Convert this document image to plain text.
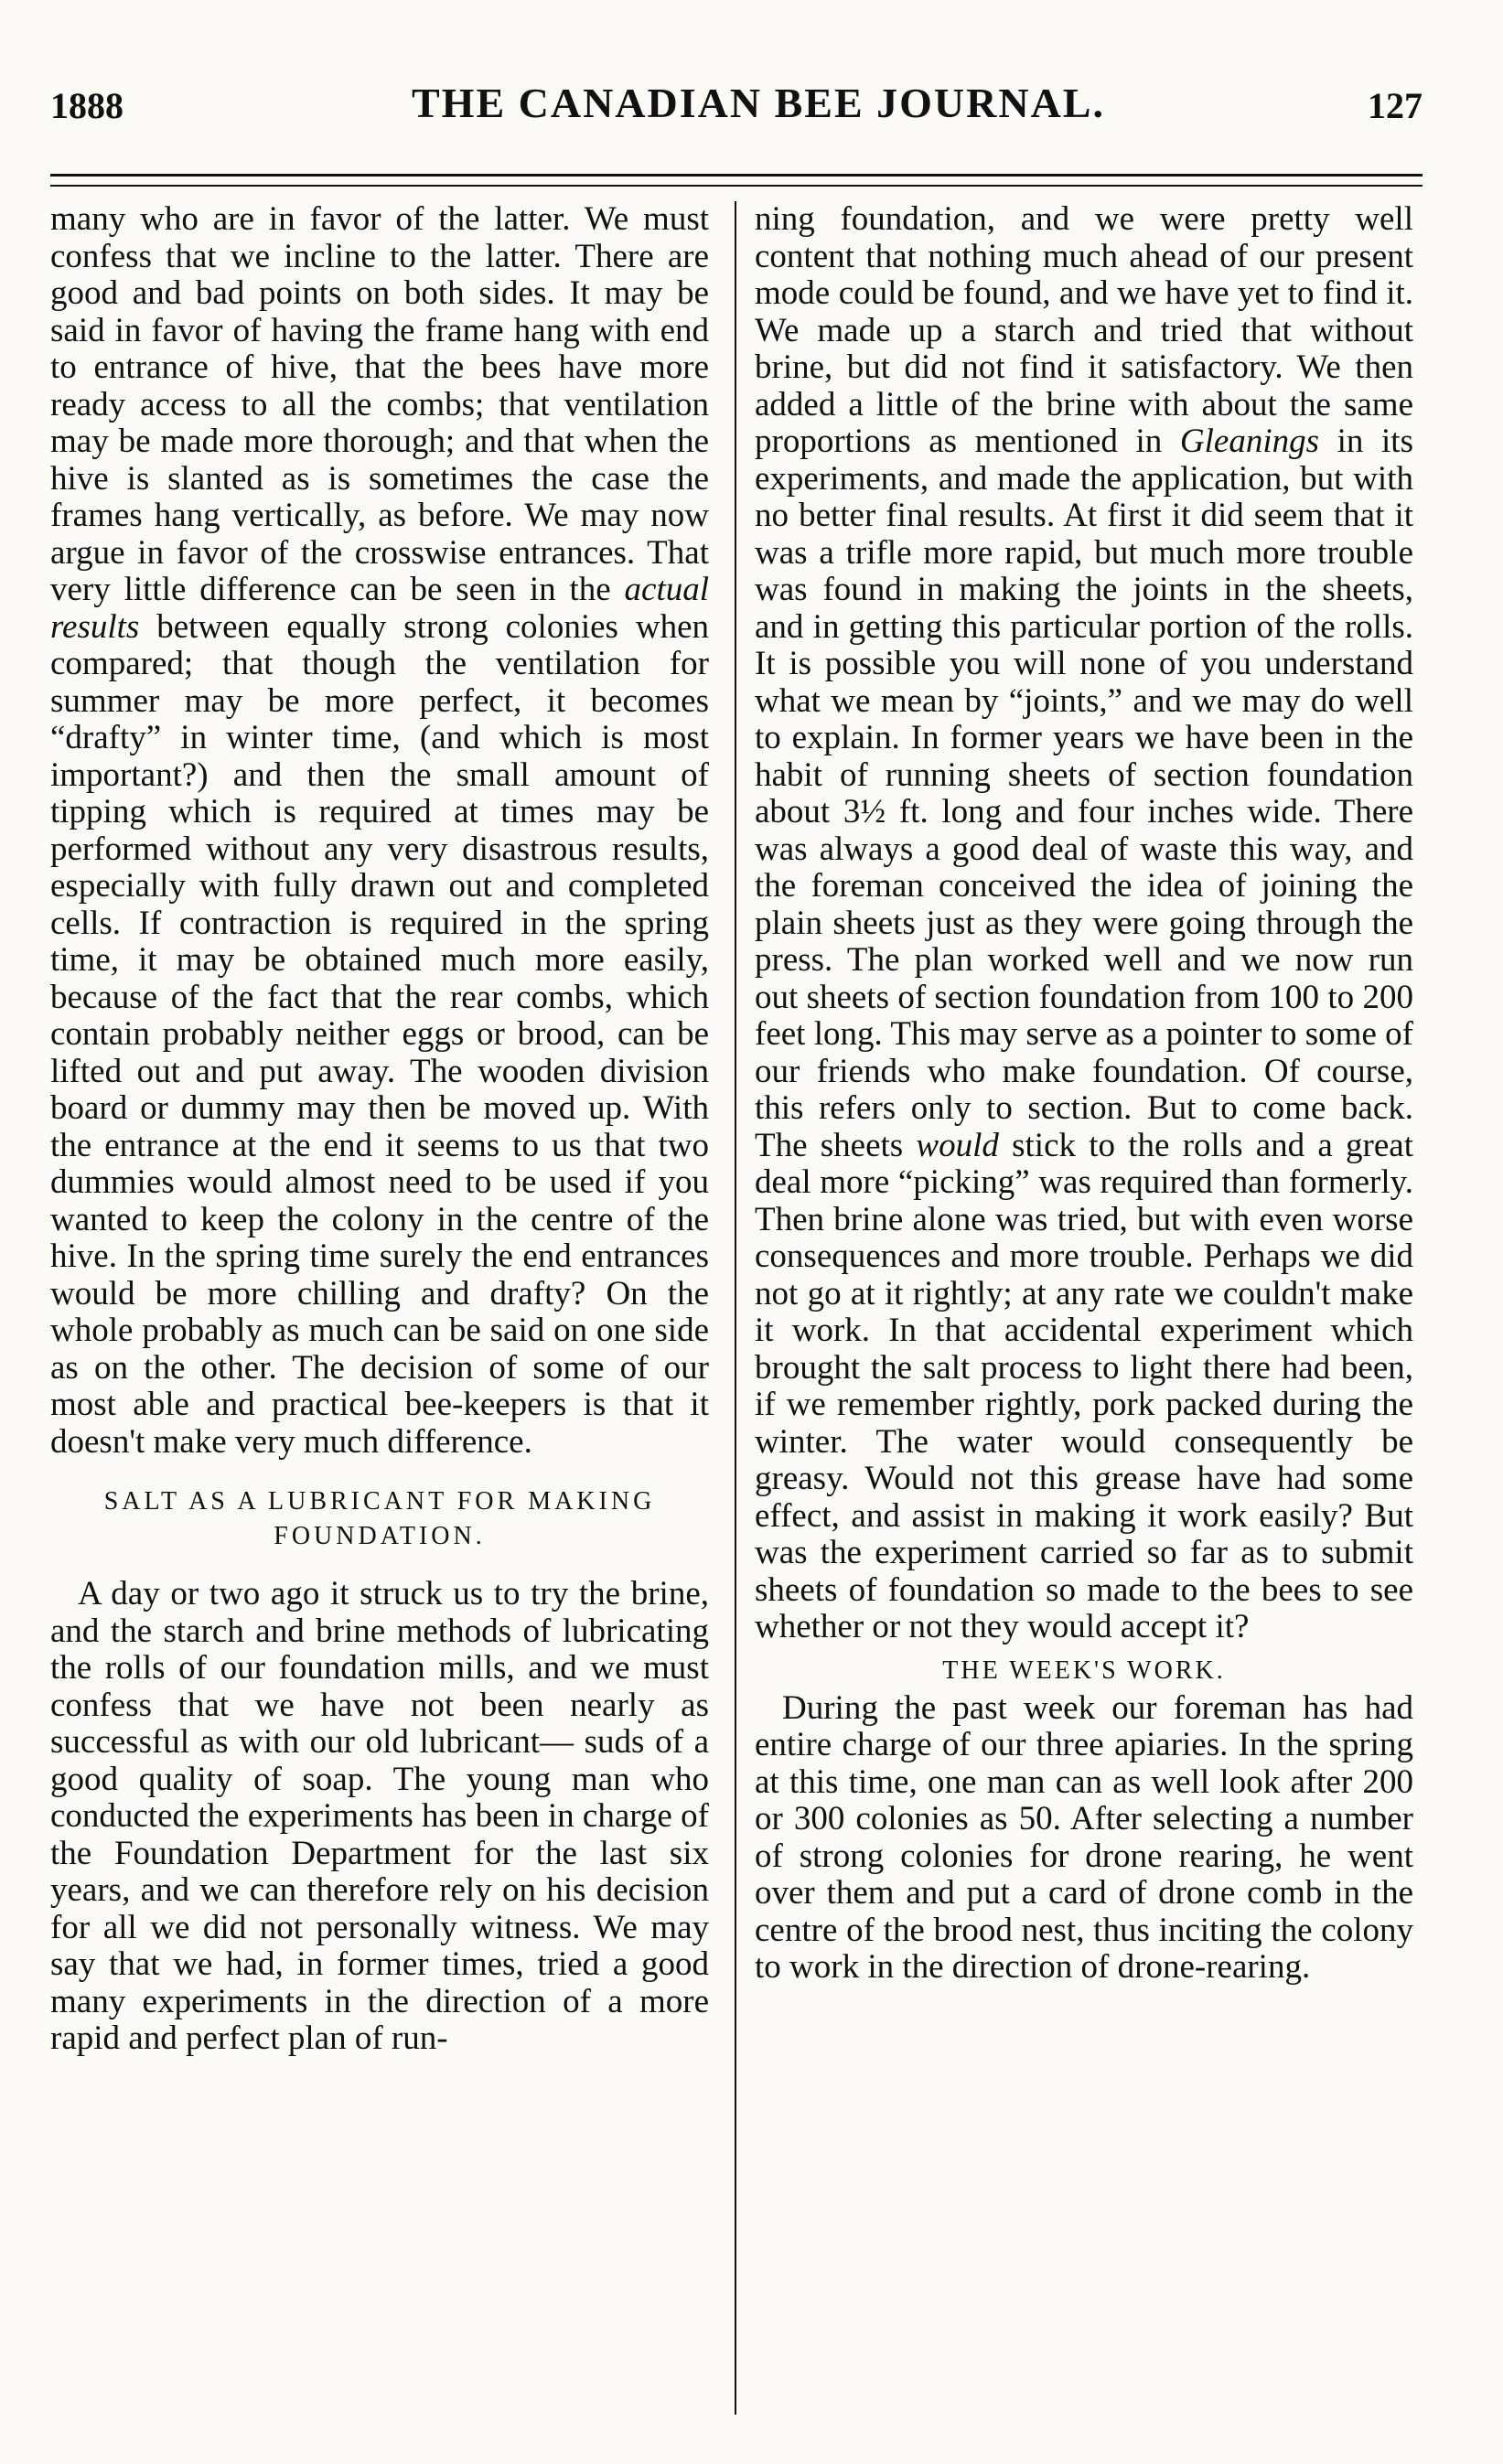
1888	THE CANADIAN BEE JOURNAL.	127

many who are in favor of the latter. We must confess that we incline to the latter. There are good and bad points on both sides. It may be said in favor of having the frame hang with end to entrance of hive, that the bees have more ready access to all the combs; that ventilation may be made more thorough; and that when the hive is slanted as is sometimes the case the frames hang vertically, as before. We may now argue in favor of the crosswise entrances. That very little difference can be seen in the actual results between equally strong colonies when compared; that though the ventilation for summer may be more perfect, it becomes “drafty” in winter time, (and which is most important?) and then the small amount of tipping which is required at times may be performed without any very disastrous results, especially with fully drawn out and completed cells. If contraction is required in the spring time, it may be obtained much more easily, because of the fact that the rear combs, which contain probably neither eggs or brood, can be lifted out and put away. The wooden division board or dummy may then be moved up. With the entrance at the end it seems to us that two dummies would almost need to be used if you wanted to keep the colony in the centre of the hive. In the spring time surely the end entrances would be more chilling and drafty? On the whole probably as much can be said on one side as on the other. The decision of some of our most able and practical bee-keepers is that it doesn't make very much difference.

SALT AS A LUBRICANT FOR MAKING FOUNDATION.

A day or two ago it struck us to try the brine, and the starch and brine methods of lubricating the rolls of our foundation mills, and we must confess that we have not been nearly as successful as with our old lubricant— suds of a good quality of soap. The young man who conducted the experiments has been in charge of the Foundation Department for the last six years, and we can therefore rely on his decision for all we did not personally witness. We may say that we had, in former times, tried a good many experiments in the direction of a more rapid and perfect plan of run-

ning foundation, and we were pretty well content that nothing much ahead of our present mode could be found, and we have yet to find it. We made up a starch and tried that without brine, but did not find it satisfactory. We then added a little of the brine with about the same proportions as mentioned in Gleanings in its experiments, and made the application, but with no better final results. At first it did seem that it was a trifle more rapid, but much more trouble was found in making the joints in the sheets, and in getting this particular portion of the rolls. It is possible you will none of you understand what we mean by “joints,” and we may do well to explain. In former years we have been in the habit of running sheets of section foundation about 3½ ft. long and four inches wide. There was always a good deal of waste this way, and the foreman conceived the idea of joining the plain sheets just as they were going through the press. The plan worked well and we now run out sheets of section foundation from 100 to 200 feet long. This may serve as a pointer to some of our friends who make foundation. Of course, this refers only to section. But to come back. The sheets would stick to the rolls and a great deal more “picking” was required than formerly. Then brine alone was tried, but with even worse consequences and more trouble. Perhaps we did not go at it rightly; at any rate we couldn't make it work. In that accidental experiment which brought the salt process to light there had been, if we remember rightly, pork packed during the winter. The water would consequently be greasy. Would not this grease have had some effect, and assist in making it work easily? But was the experiment carried so far as to submit sheets of foundation so made to the bees to see whether or not they would accept it?

THE WEEK'S WORK.

During the past week our foreman has had entire charge of our three apiaries. In the spring at this time, one man can as well look after 200 or 300 colonies as 50. After selecting a number of strong colonies for drone rearing, he went over them and put a card of drone comb in the centre of the brood nest, thus inciting the colony to work in the direction of drone-rearing.
